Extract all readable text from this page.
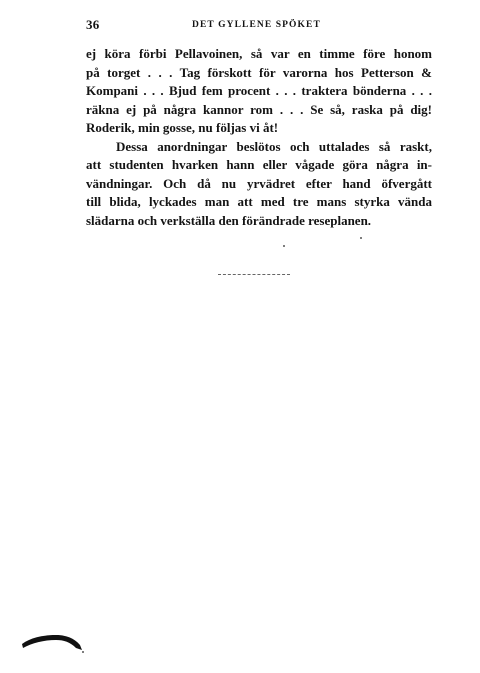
36	DET GYLLENE SPÖKET
ej köra förbi Pellavoinen, så var en timme före honom
på torget . . . Tag förskott för varorna hos Petterson &
Kompani . . . Bjud fem procent . . . traktera bönderna . . .
räkna ej på några kannor rom . . . Se så, raska på dig!
Roderik, min gosse, nu följas vi åt!
Dessa anordningar beslötos och uttalades så raskt,
att studenten hvarken hann eller vågade göra några in-
vändningar. Och då nu yrvädret efter hand öfvergått
till blida, lyckades man att med tre mans styrka vända
slädarna och verkställa den förändrade reseplanen.
